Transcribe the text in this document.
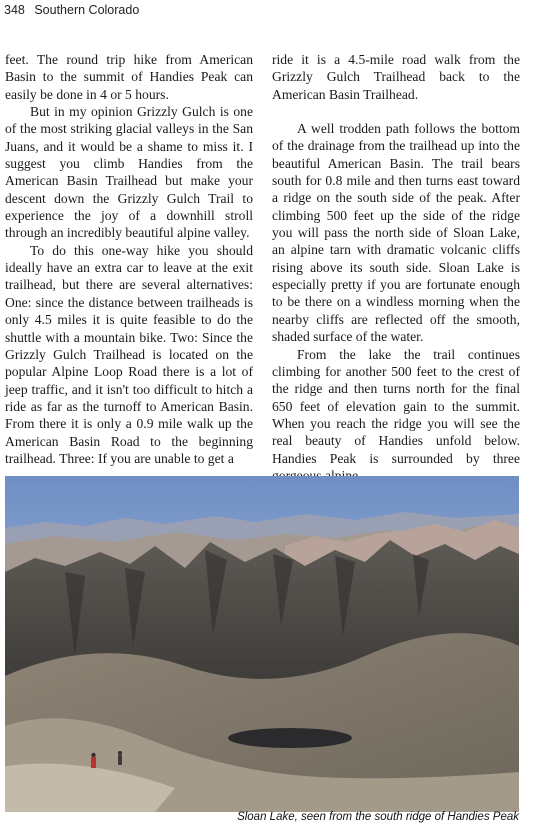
348 Southern Colorado

feet. The round trip hike from American Basin to the summit of Handies Peak can easily be done in 4 or 5 hours.

But in my opinion Grizzly Gulch is one of the most striking glacial valleys in the San Juans, and it would be a shame to miss it. I suggest you climb Handies from the American Basin Trailhead but make your descent down the Grizzly Gulch Trail to experience the joy of a downhill stroll through an incredibly beautiful alpine valley.

To do this one-way hike you should ideally have an extra car to leave at the exit trailhead, but there are several alternatives: One: since the distance between trailheads is only 4.5 miles it is quite feasible to do the shuttle with a mountain bike. Two: Since the Grizzly Gulch Trailhead is located on the popular Alpine Loop Road there is a lot of jeep traffic, and it isn't too difficult to hitch a ride as far as the turnoff to American Basin. From there it is only a 0.9 mile walk up the American Basin Road to the beginning trailhead. Three: If you are unable to get a

ride it is a 4.5-mile road walk from the Grizzly Gulch Trailhead back to the American Basin Trailhead.

A well trodden path follows the bottom of the drainage from the trailhead up into the beautiful American Basin. The trail bears south for 0.8 mile and then turns east toward a ridge on the south side of the peak. After climbing 500 feet up the side of the ridge you will pass the north side of Sloan Lake, an alpine tarn with dramatic volcanic cliffs rising above its south side. Sloan Lake is especially pretty if you are fortunate enough to be there on a windless morning when the nearby cliffs are reflected off the smooth, shaded surface of the water.

From the lake the trail continues climbing for another 500 feet to the crest of the ridge and then turns north for the final 650 feet of elevation gain to the summit. When you reach the ridge you will see the real beauty of Handies unfold below. Handies Peak is surrounded by three

Sloan Lake, seen from the south ridge of Handies Peak
